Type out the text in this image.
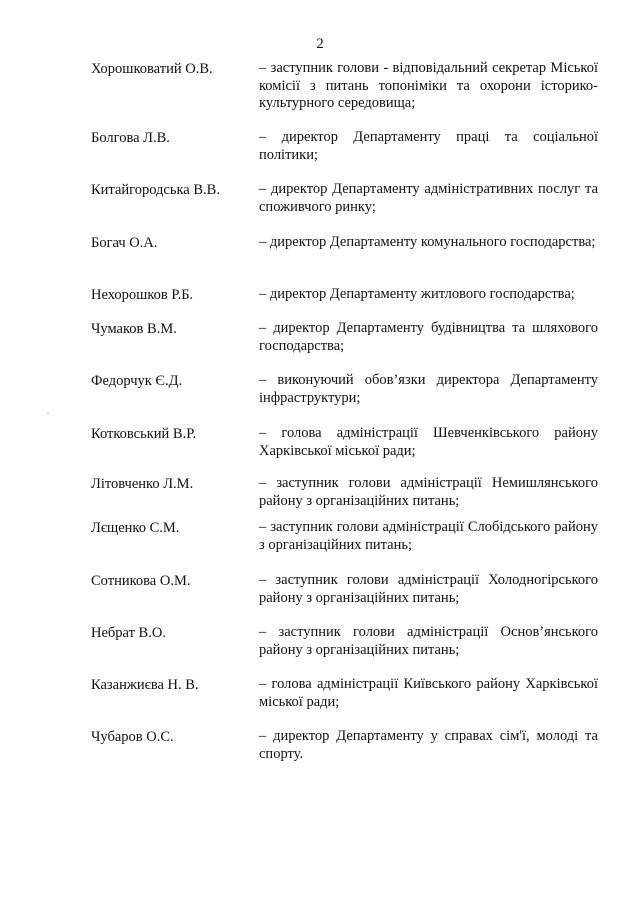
2
Хорошковатий О.В.	– заступник голови - відповідальний секретар Міської комісії з питань топоніміки та охорони історико-культурного середовища;
Болгова Л.В.	– директор Департаменту праці та соціальної політики;
Китайгородська В.В.	– директор Департаменту адміністративних послуг та споживчого ринку;
Богач О.А.	– директор Департаменту комунального господарства;
Нехорошков Р.Б.	– директор Департаменту житлового господарства;
Чумаков В.М.	– директор Департаменту будівництва та шляхового господарства;
Федорчук Є.Д.	– виконуючий обов’язки директора Департаменту інфраструктури;
Котковський В.Р.	– голова адміністрації Шевченківського району Харківської міської ради;
Літовченко Л.М.	– заступник голови адміністрації Немишлянського району з організаційних питань;
Лєщенко С.М.	– заступник голови адміністрації Слобідського району з організаційних питань;
Сотникова О.М.	– заступник голови адміністрації Холодногірського району з організаційних питань;
Небрат В.О.	– заступник голови адміністрації Основ’янського району з організаційних питань;
Казанжиєва Н. В.	– голова адміністрації Київського району Харківської міської ради;
Чубаров О.С.	– директор Департаменту у справах сім'ї, молоді та спорту.
